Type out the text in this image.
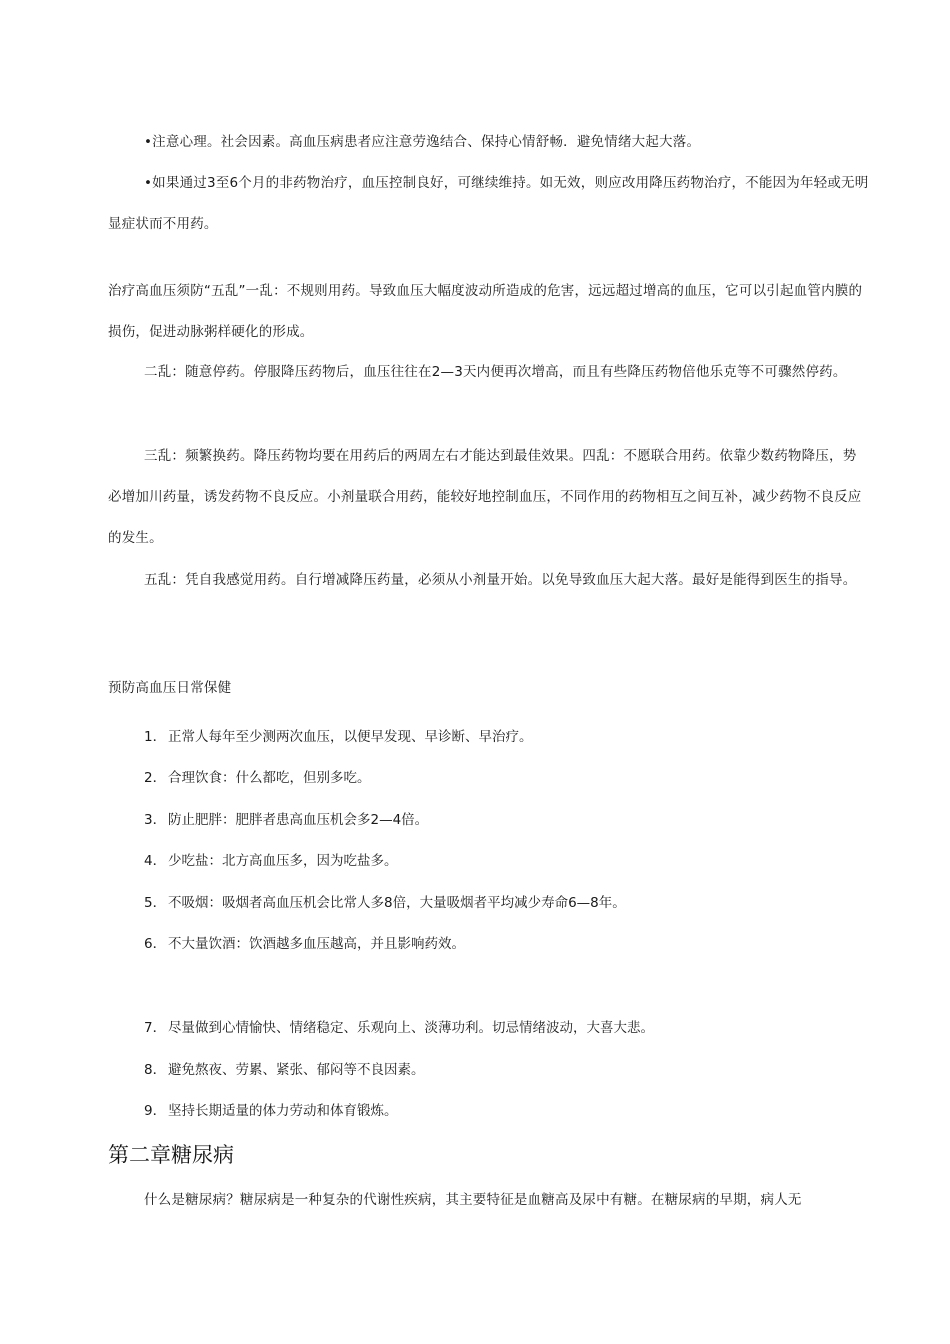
•注意心理。社会因素。高血压病患者应注意劳逸结合、保持心情舒畅．避免情绪大起大落。

•如果通过3至6个月的非药物治疗，血压控制良好，可继续维持。如无效，则应改用降压药物治疗，不能因为年轻或无明显症状而不用药。

治疗高血压须防“五乱”一乱：不规则用药。导致血压大幅度波动所造成的危害，远远超过增高的血压，它可以引起血管内膜的损伤，促进动脉粥样硬化的形成。

二乱：随意停药。停服降压药物后，血压往往在2—3天内便再次增高，而且有些降压药物倍他乐克等不可骤然停药。

三乱：频繁换药。降压药物均要在用药后的两周左右才能达到最佳效果。四乱：不愿联合用药。依靠少数药物降压，势必增加川药量，诱发药物不良反应。小剂量联合用药，能较好地控制血压，不同作用的药物相互之间互补，减少药物不良反应的发生。

五乱：凭自我感觉用药。自行增减降压药量，必须从小剂量开始。以免导致血压大起大落。最好是能得到医生的指导。

预防高血压日常保健

1． 正常人每年至少测两次血压，以便早发现、早诊断、早治疗。

2． 合理饮食：什么都吃，但别多吃。

3． 防止肥胖：肥胖者患高血压机会多2—4倍。

4． 少吃盐：北方高血压多，因为吃盐多。

5． 不吸烟：吸烟者高血压机会比常人多8倍，大量吸烟者平均减少寿命6—8年。

6． 不大量饮酒：饮酒越多血压越高，并且影响药效。

7． 尽量做到心情愉快、情绪稳定、乐观向上、淡薄功利。切忌情绪波动，大喜大悲。

8． 避免熬夜、劳累、紧张、郁闷等不良因素。

9． 坚持长期适量的体力劳动和体育锻炼。

第二章糖尿病

什么是糖尿病？糖尿病是一种复杂的代谢性疾病，其主要特征是血糖高及尿中有糖。在糖尿病的早期，病人无
